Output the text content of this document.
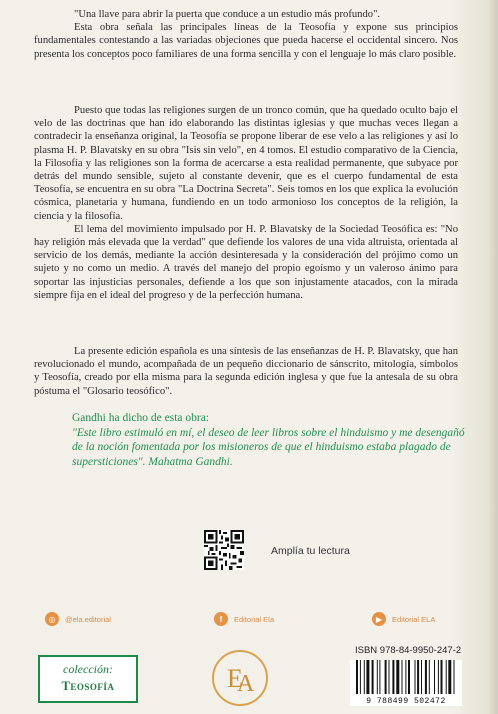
"Una llave para abrir la puerta que conduce a un estudio más profundo".

Esta obra señala las principales líneas de la Teosofía y expone sus principios fundamentales contestando a las variadas objeciones que pueda hacerse el occidental sincero. Nos presenta los conceptos poco familiares de una forma sencilla y con el lenguaje lo más claro posible.

Puesto que todas las religiones surgen de un tronco común, que ha quedado oculto bajo el velo de las doctrinas que han ido elaborando las distintas iglesias y que muchas veces llegan a contradecir la enseñanza original, la Teosofía se propone liberar de ese velo a las religiones y así lo plasma H. P. Blavatsky en su obra "Isis sin velo", en 4 tomos. El estudio comparativo de la Ciencia, la Filosofía y las religiones son la forma de acercarse a esta realidad permanente, que subyace por detrás del mundo sensible, sujeto al constante devenir, que es el cuerpo fundamental de esta Teosofía, se encuentra en su obra "La Doctrina Secreta". Seis tomos en los que explica la evolución cósmica, planetaria y humana, fundiendo en un todo armonioso los conceptos de la religión, la ciencia y la filosofía.

El lema del movimiento impulsado por H. P. Blavatsky de la Sociedad Teosófica es: "No hay religión más elevada que la verdad" que defiende los valores de una vida altruista, orientada al servicio de los demás, mediante la acción desinteresada y la consideración del prójimo como un sujeto y no como un medio. A través del manejo del propio egoísmo y un valeroso ánimo para soportar las injusticias personales, defiende a los que son injustamente atacados, con la mirada siempre fija en el ideal del progreso y de la perfección humana.

La presente edición española es una síntesis de las enseñanzas de H. P. Blavatsky, que han revolucionado el mundo, acompañada de un pequeño diccionario de sánscrito, mitología, símbolos y Teosofía, creado por ella misma para la segunda edición inglesa y que fue la antesala de su obra póstuma el "Glosario teosófico".

Gandhi ha dicho de esta obra:

"Este libro estimuló en mí, el deseo de leer libros sobre el hinduismo y me desengañó de la noción fomentada por los misioneros de que el hinduismo estaba plagado de supersticiones". Mahatma Gandhi.

Amplía tu lectura
◎	@ela.editorial	f	Editorial Ela	▶	Editorial ELA
colección:
Teosofía	E
A
ISBN 978-84-9950-247-2
9 788499 502472
